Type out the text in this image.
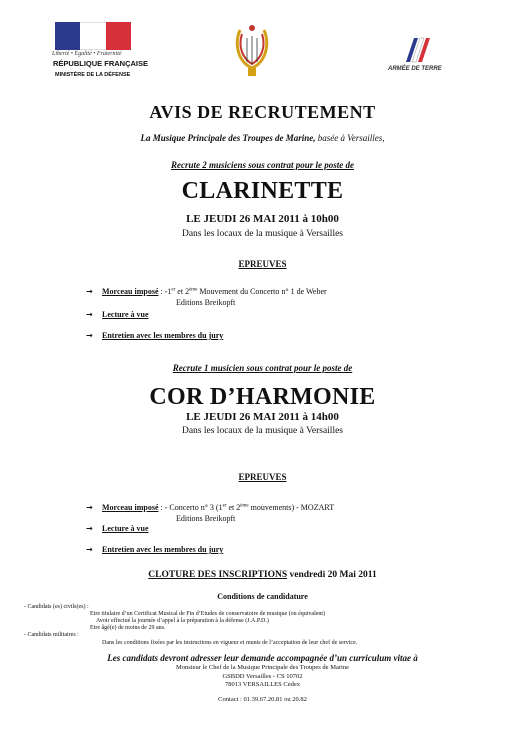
Liberté • Égalité • Fraternité
RÉPUBLIQUE FRANÇAISE
MINISTÈRE DE LA DÉFENSE
ARMÉE DE TERRE
AVIS DE RECRUTEMENT
La Musique Principale des Troupes de Marine, basée à Versailles,
Recrute 2 musiciens sous contrat pour le poste de
CLARINETTE
LE JEUDI 26 MAI 2011 à 10h00
Dans les locaux de la musique à Versailles
EPREUVES
→ Morceau imposé : -1er et 2ème Mouvement du Concerto n° 1 de Weber
Editions Breikopft
→ Lecture à vue
→ Entretien avec les membres du jury
Recrute 1 musicien sous contrat pour le poste de
COR D’HARMONIE
LE JEUDI 26 MAI 2011 à 14h00
Dans les locaux de la musique à Versailles
EPREUVES
→ Morceau imposé : - Concerto n° 3 (1er et 2ème mouvements) - MOZART
Editions Breikopft
→ Lecture à vue
→ Entretien avec les membres du jury
CLOTURE DES INSCRIPTIONS vendredi 20 Mai 2011
Conditions de candidature
- Candidats (es) civils(es) :
Etre titulaire d’un Certificat Musical de Fin d’Etudes de conservatoire de musique (ou équivalent)
Avoir effectué la journée d’appel à la préparation à la défense (J.A.P.D.)
Etre âgé(e) de moins de 29 ans.
- Candidats militaires :
Dans les conditions fixées par les instructions en vigueur et munis de l’acceptation de leur chef de service.
Les candidats devront adresser leur demande accompagnée d’un curriculum vitae à
Monsieur le Chef de la Musique Principale des Troupes de Marine
GSBDD Versailles - CS 10702
78013 VERSAILLES Cedex
Contact : 01.39.67.20.81 ou 20.82
